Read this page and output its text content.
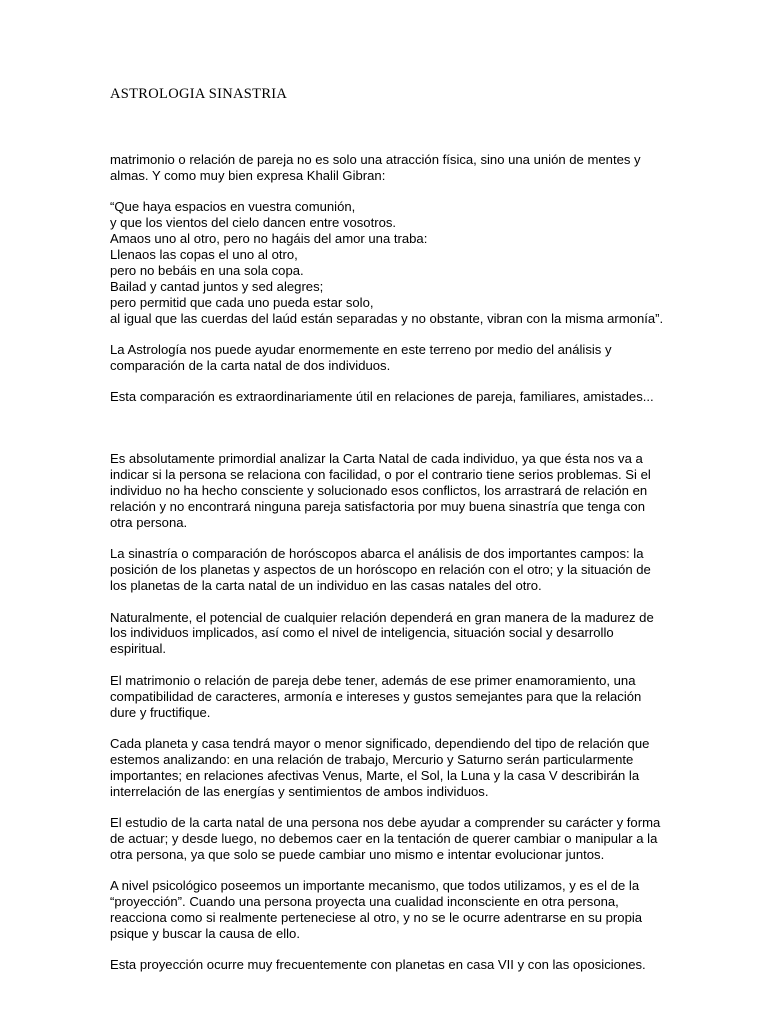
ASTROLOGIA SINASTRIA

matrimonio o relación de pareja no es solo una atracción física, sino una unión de mentes y
almas. Y como muy bien expresa Khalil Gibran:

“Que haya espacios en vuestra comunión,
y que los vientos del cielo dancen entre vosotros.
Amaos uno al otro, pero no hagáis del amor una traba:
Llenaos las copas el uno al otro,
pero no bebáis en una sola copa.
Bailad y cantad juntos y sed alegres;
pero permitid que cada uno pueda estar solo,
al igual que las cuerdas del laúd están separadas y no obstante, vibran con la misma armonía”.

La Astrología nos puede ayudar enormemente en este terreno por medio del análisis y
comparación de la carta natal de dos individuos.

Esta comparación es extraordinariamente útil en relaciones de pareja, familiares, amistades...

Es absolutamente primordial analizar la Carta Natal de cada individuo, ya que ésta nos va a
indicar si la persona se relaciona con facilidad, o por el contrario tiene serios problemas. Si el
individuo no ha hecho consciente y solucionado esos conflictos, los arrastrará de relación en
relación y no encontrará ninguna pareja satisfactoria por muy buena sinastría que tenga con
otra persona.

La sinastría o comparación de horóscopos abarca el análisis de dos importantes campos: la
posición de los planetas y aspectos de un horóscopo en relación con el otro; y la situación de
los planetas de la carta natal de un individuo en las casas natales del otro.

Naturalmente, el potencial de cualquier relación dependerá en gran manera de la madurez de
los individuos implicados, así como el nivel de inteligencia, situación social y desarrollo
espiritual.

El matrimonio o relación de pareja debe tener, además de ese primer enamoramiento, una
compatibilidad de caracteres, armonía e intereses y gustos semejantes para que la relación
dure y fructifique.

Cada planeta y casa tendrá mayor o menor significado, dependiendo del tipo de relación que
estemos analizando: en una relación de trabajo, Mercurio y Saturno serán particularmente
importantes; en relaciones afectivas Venus, Marte, el Sol, la Luna y la casa V describirán la
interrelación de las energías y sentimientos de ambos individuos.

El estudio de la carta natal de una persona nos debe ayudar a comprender su carácter y forma
de actuar; y desde luego, no debemos caer en la tentación de querer cambiar o manipular a la
otra persona, ya que solo se puede cambiar uno mismo e intentar evolucionar juntos.

A nivel psicológico poseemos un importante mecanismo, que todos utilizamos, y es el de la
“proyección”. Cuando una persona proyecta una cualidad inconsciente en otra persona,
reacciona como si realmente perteneciese al otro, y no se le ocurre adentrarse en su propia
psique y buscar la causa de ello.

Esta proyección ocurre muy frecuentemente con planetas en casa VII y con las oposiciones.
